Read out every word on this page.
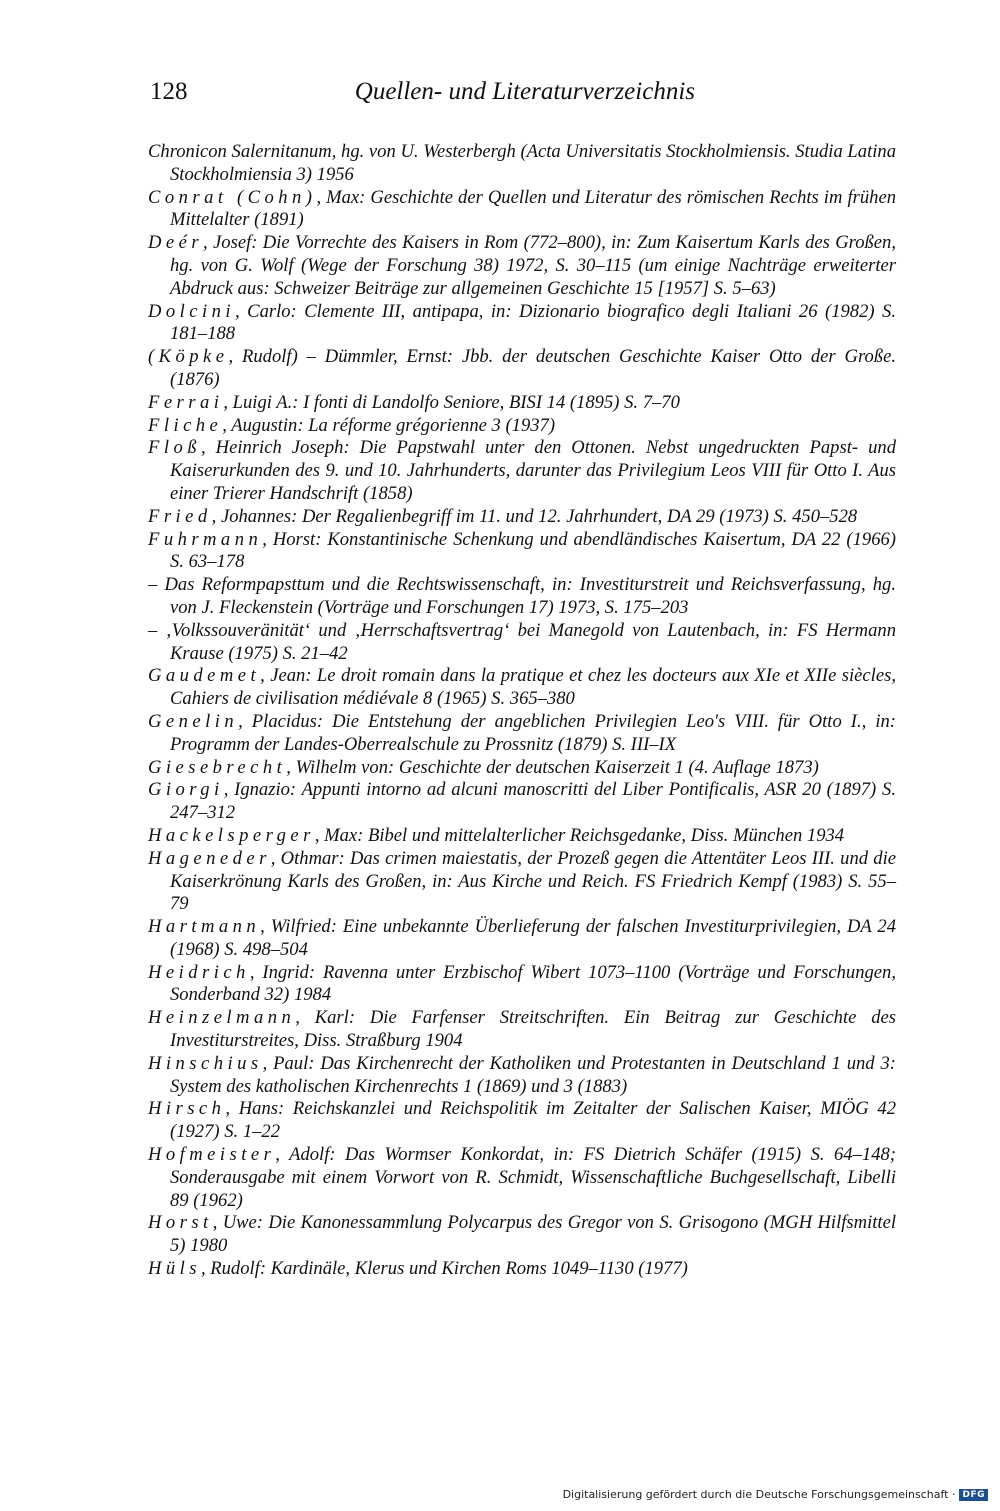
128	Quellen- und Literaturverzeichnis
Chronicon Salernitanum, hg. von U. Westerbergh (Acta Universitatis Stockholmiensis. Studia Latina Stockholmiensia 3) 1956
Conrat (Cohn), Max: Geschichte der Quellen und Literatur des römischen Rechts im frühen Mittelalter (1891)
Deér, Josef: Die Vorrechte des Kaisers in Rom (772–800), in: Zum Kaisertum Karls des Großen, hg. von G. Wolf (Wege der Forschung 38) 1972, S. 30–115 (um einige Nachträge erweiterter Abdruck aus: Schweizer Beiträge zur allgemeinen Geschichte 15 [1957] S. 5–63)
Dolcini, Carlo: Clemente III, antipapa, in: Dizionario biografico degli Italiani 26 (1982) S. 181–188
(Köpke, Rudolf) – Dümmler, Ernst: Jbb. der deutschen Geschichte Kaiser Otto der Große. (1876)
Ferrai, Luigi A.: I fonti di Landolfo Seniore, BISI 14 (1895) S. 7–70
Fliche, Augustin: La réforme grégorienne 3 (1937)
Floß, Heinrich Joseph: Die Papstwahl unter den Ottonen. Nebst ungedruckten Papst- und Kaiserurkunden des 9. und 10. Jahrhunderts, darunter das Privilegium Leos VIII für Otto I. Aus einer Trierer Handschrift (1858)
Fried, Johannes: Der Regalienbegriff im 11. und 12. Jahrhundert, DA 29 (1973) S. 450–528
Fuhrmann, Horst: Konstantinische Schenkung und abendländisches Kaisertum, DA 22 (1966) S. 63–178
– Das Reformpapsttum und die Rechtswissenschaft, in: Investiturstreit und Reichsverfassung, hg. von J. Fleckenstein (Vorträge und Forschungen 17) 1973, S. 175–203
– ‚Volkssouveränität‘ und ‚Herrschaftsvertrag‘ bei Manegold von Lautenbach, in: FS Hermann Krause (1975) S. 21–42
Gaudemet, Jean: Le droit romain dans la pratique et chez les docteurs aux XIe et XIIe siècles, Cahiers de civilisation médiévale 8 (1965) S. 365–380
Genelin, Placidus: Die Entstehung der angeblichen Privilegien Leo's VIII. für Otto I., in: Programm der Landes-Oberrealschule zu Prossnitz (1879) S. III–IX
Giesebrecht, Wilhelm von: Geschichte der deutschen Kaiserzeit 1 (4. Auflage 1873)
Giorgi, Ignazio: Appunti intorno ad alcuni manoscritti del Liber Pontificalis, ASR 20 (1897) S. 247–312
Hackelsperger, Max: Bibel und mittelalterlicher Reichsgedanke, Diss. München 1934
Hageneder, Othmar: Das crimen maiestatis, der Prozeß gegen die Attentäter Leos III. und die Kaiserkrönung Karls des Großen, in: Aus Kirche und Reich. FS Friedrich Kempf (1983) S. 55–79
Hartmann, Wilfried: Eine unbekannte Überlieferung der falschen Investiturprivilegien, DA 24 (1968) S. 498–504
Heidrich, Ingrid: Ravenna unter Erzbischof Wibert 1073–1100 (Vorträge und Forschungen, Sonderband 32) 1984
Heinzelmann, Karl: Die Farfenser Streitschriften. Ein Beitrag zur Geschichte des Investiturstreites, Diss. Straßburg 1904
Hinschius, Paul: Das Kirchenrecht der Katholiken und Protestanten in Deutschland 1 und 3: System des katholischen Kirchenrechts 1 (1869) und 3 (1883)
Hirsch, Hans: Reichskanzlei und Reichspolitik im Zeitalter der Salischen Kaiser, MIÖG 42 (1927) S. 1–22
Hofmeister, Adolf: Das Wormser Konkordat, in: FS Dietrich Schäfer (1915) S. 64–148; Sonderausgabe mit einem Vorwort von R. Schmidt, Wissenschaftliche Buchgesellschaft, Libelli 89 (1962)
Horst, Uwe: Die Kanonessammlung Polycarpus des Gregor von S. Grisogono (MGH Hilfsmittel 5) 1980
Hüls, Rudolf: Kardinäle, Klerus und Kirchen Roms 1049–1130 (1977)
Digitalisierung gefördert durch die Deutsche Forschungsgemeinschaft · DFG
